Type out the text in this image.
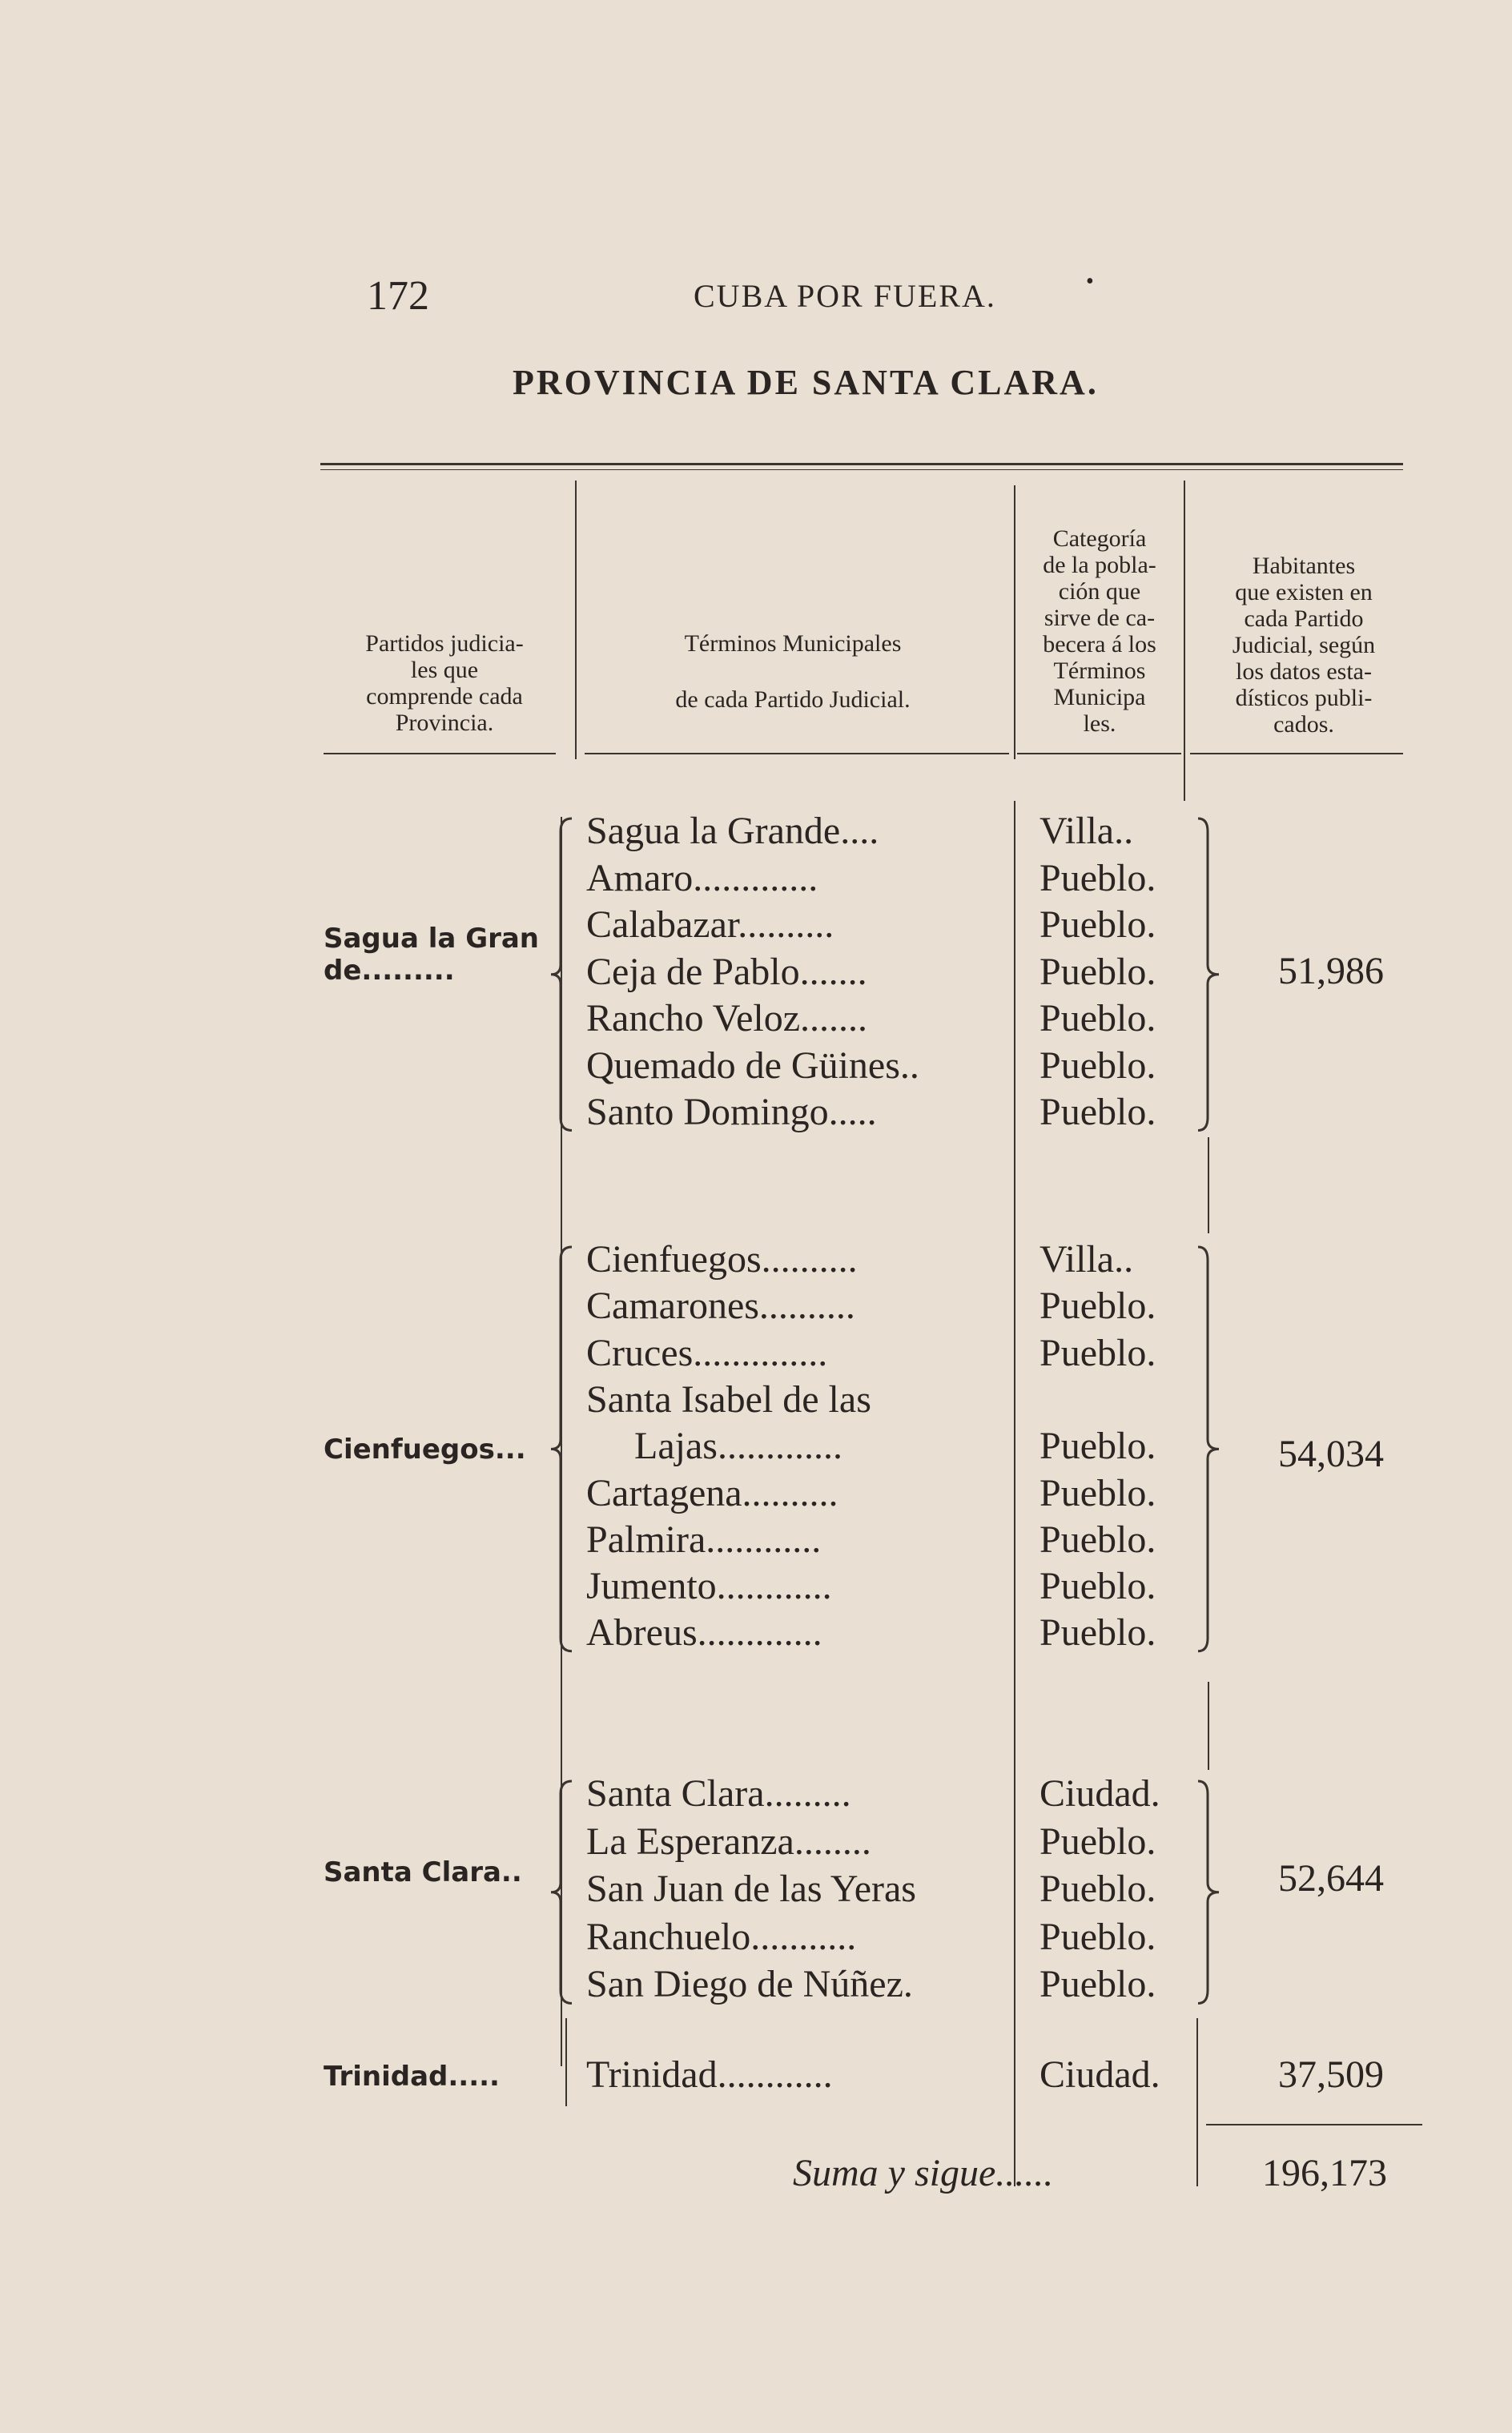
172	CUBA POR FUERA.	•
PROVINCIA DE SANTA CLARA.
Partidos judicia-
les que
comprende cada
Provincia.
Términos Municipales
de cada Partido Judicial.
Categoría
de la pobla-
ción que
sirve de ca-
becera á los
Términos
Municipa
les.
Habitantes
que existen en
cada Partido
Judicial, según
los datos esta-
dísticos publi-
cados.
Sagua la Gran
de.........
Sagua la Grande....	Villa..
Amaro.............	Pueblo.
Calabazar..........	Pueblo.
Ceja de Pablo.......	Pueblo.
Rancho Veloz.......	Pueblo.
Quemado de Güines..	Pueblo.
Santo Domingo.....	Pueblo.
51,986
Cienfuegos...
Cienfuegos..........	Villa..
Camarones..........	Pueblo.
Cruces..............	Pueblo.
Santa Isabel de las
Lajas.............	Pueblo.
Cartagena..........	Pueblo.
Palmira............	Pueblo.
Jumento............	Pueblo.
Abreus.............	Pueblo.
54,034
Santa Clara..
Santa Clara.........	Ciudad.
La Esperanza........	Pueblo.
San Juan de las Yeras	Pueblo.
Ranchuelo...........	Pueblo.
San Diego de Núñez.	Pueblo.
52,644
Trinidad..... Trinidad............	Ciudad.	37,509
Suma y sigue......	196,173
